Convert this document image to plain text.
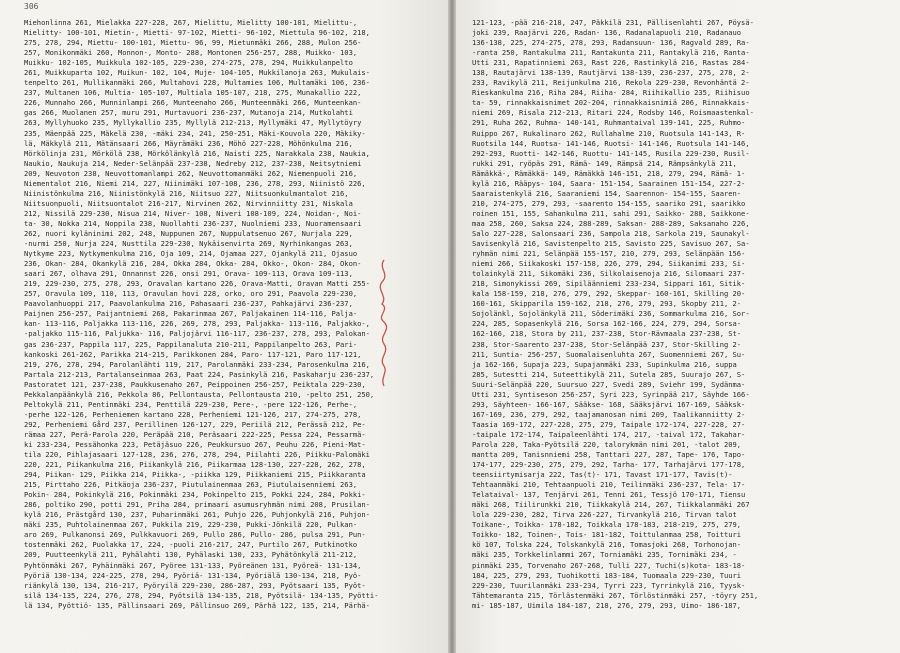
306
Miehonlinna 261, Mielakka 227-228, 267, Mielittu, Mielitty 100-101, Mielittu-,
Mielitty- 100-101, Mietin-, Mietti- 97-102, Mietti- 96-102, Miettula 96-102, 218,
275, 278, 294, Miettu- 100-101, Miettu- 96, 99, Mietunmäki 266, 288, Mulon 256-
257, Monikonmäki 260, Monnon-, Monto- 288, Montonen 256-257, 288, Muikko- 103,
Muikku- 102-105, Muikkula 102-105, 229-230, 274-275, 278, 294, Muikkulanpelto
261, Muikkuparta 102, Muikun- 102, 104, Muje- 104-105, Mukkilanoja 263, Mukulais-
tenpelto 261, Mullikanmäki 266, Multahovi 228, Multamies 106, Multamäki 106, 236-
237, Multanen 106, Multia- 105-107, Multiala 105-107, 218, 275, Munakallio 222,
226, Munnaho 266, Munninlampi 266, Munteenaho 266, Munteenmäki 266, Munteenkan-
gas 266, Muolanen 257, muru 291, Murtavuori 236-237, Mutanoja 214, Mutkolahti
263, Myllyhuoko 235, Myllykallio 235, Myllylä 212-213, Myllymäki 47, Myllytöyry
235, Mäenpää 225, Mäkelä 230, -mäki 234, 241, 250-251, Mäki-Kouvola 220, Mäkiky-
lä, Mäkkylä 211, Mätänsaari 266, Mäyrämäki 236, Möhö 227-228, Möhönkulma 216,
Mörkölinja 231, Mörkölä 238, Mörkölänkylä 216, Naisti 225, Narakkala 238, Naukia,
Naukio, Naukuja 214, Neder-Selänpää 237-238, Nedreby 212, 237-238, Neitsytniemi
209, Neuvoton 238, Neuvottomanlampi 262, Neuvottomanmäki 262, Niemenpuoli 216,
Niementalot 216, Niemi 214, 227, Niinimäki 107-108, 236, 278, 293, Niinistö 226,
Niinistönkulma 216, Niinistönkylä 216, Niitsuo 227, Niitsuonkulmantalot 216,
Niitsuonpuoli, Niitsuontalot 216-217, Nirvinen 262, Nirvinniitty 231, Niskala
212, Nissilä 229-230, Nisua 214, Niver- 108, Niveri 108-109, 224, Noidan-, Noi-
ta- 30, Nokka 214, Noppila 238, Nuollahti 236-237, Nuolniemi 233, Nuoramensaari
262, nuori kyläninimi 202, 248, Nuppunen 267, Nuppulatsenuo 267, Nurjala 229,
-nurmi 250, Nurja 224, Nusttila 229-230, Nykäisenvirta 269, Nyrhinkangas 263,
Nytkyme 223, Nytkymenkulma 216, Oja 109, 214, Ojamaa 227, Ojankylä 211, Ojasuo
236, Okan- 284, Okankylä 216, 284, Okka 284, Okka- 284, Okko-, Okon- 284, Okon-
saari 267, olhava 291, Onnannst 226, onsi 291, Orava- 109-113, Orava 109-113,
219, 229-230, 275, 278, 293, Oravalan kartano 226, Orava-Matti, Oravan Matti 255-
257, Oravula 109, 110, 113, Oravulan hovi 228, orko, oro 291, Paavola 229-230,
Paavolanhuoppi 217, Paavolankulma 216, Pahasaari 236-237, Pahkajärvi 236-237,
Paijnen 256-257, Paijantniemi 268, Pakarinmaa 267, Paljakainen 114-116, Palja-
kan- 113-116, Paljakka 113-116, 226, 269, 278, 293, Paljakka- 113-116, Paljakko-,
-paljakko 115-116, Paljukka- 116, Paljojärvi 116-117, 236-237, 278, 293, Palokan-
gas 236-237, Pappila 117, 225, Pappilanaluta 210-211, Pappilanpelto 263, Pari-
kankoski 261-262, Parikka 214-215, Parikkonen 284, Paro- 117-121, Paro 117-121,
219, 276, 278, 294, Parolanlähti 119, 217, Parolanmäki 233-234, Parosenkulma 216,
Partala 212-213, Partalanseinmaa 263, Paat 224, Pasinkylä 216, Paskaharju 236-237,
Pastoratet 121, 237-238, Paukkusenaho 267, Peippoinen 256-257, Peiktala 229-230,
Pekkalanpäänkylä 216, Pekkola 86, Pellontausta, Pellontausta 210, -pelto 251, 250,
Peltokylä 211, Pentinmäki 234, Penttilä 229-230, Pere-, -pere 122-126, Perhe-,
-perhe 122-126, Perheniemen kartano 228, Perheniemi 121-126, 217, 274-275, 278,
292, Perheniemi Gård 237, Perillinen 126-127, 229, Periilä 212, Perässä 212, Pe-
rämaa 227, Perä-Parola 220, Peräpää 210, Peräsaari 222-225, Pessa 224, Pessarmä-
ki 233-234, Pessähonka 223, Petäjäsuo 226, Peukkursuo 267, Peuhu 226, Pieni-Mat-
tila 220, Pihlajasaari 127-128, 236, 276, 278, 294, Piilahti 226, Piikku-Palomäki
220, 221, Piikankulma 216, Piikankylä 216, Piikarmaa 128-130, 227-228, 262, 278,
294, Piikan- 129, Piikka 214, Piikka-, -piikka 129, Piikkaniemi 215, Piikkaranta
215, Pirttaho 226, Pitkäoja 236-237, Piutulainenmaa 263, Piutulaisenniemi 263,
Pokin- 284, Pokinkylä 216, Pokinmäki 234, Pokinpelto 215, Pokki 224, 284, Pokki-
286, poltiko 290, potti 291, Priha 284, primaari asumusryhmän nimi 208, Prusilan-
kylä 216, Prästgård 130, 237, Puharinmäki 261, Puhjo 226, Puhjonkylä 216, Puhjon-
mäki 235, Puhtolainenmaa 267, Pukkila 219, 229-230, Pukki-Jönkilä 220, Pulkan-
aro 269, Pulkanonsi 269, Pulkkavuori 269, Pullo 286, Pullo- 286, pulsa 291, Pun-
tostenmäki 262, Puolakka 17, 224, -puoli 216-217, 247, Purtilo 267, Putkinotko
209, Puutteenkylä 211, Pyhälahti 130, Pyhälaski 130, 233, Pyhätönkylä 211-212,
Pyhtönmäki 267, Pyhäinmäki 267, Pyöree 131-133, Pyöreänen 131, Pyöreä- 131-134,
Pyöriä 130-134, 224-225, 278, 294, Pyöriä- 131-134, Pyöriälä 130-134, 218, Pyö-
riänkylä 130, 134, 216-217, Pyöryilä 229-230, 286-287, 293, Pyötsaari 135, Pyöt-
silä 134-135, 224, 276, 278, 294, Pyötsilä 134-135, 218, Pyötsilä- 134-135, Pyötti-
lä 134, Pyöttiö- 135, Pällinsaari 269, Pällinsuo 269, Pärhä 122, 135, 214, Pärhä-
121-123, -pää 216-218, 247, Päkkilä 231, Pällisenlahti 267, Pöysä-
joki 239, Raajärvi 226, Radan- 136, Radanalapuoli 210, Radanauo
136-138, 225, 274-275, 278, 293, Radansuun- 136, Ragvald 289, Ra-
-ranta 250, Rantakulma 211, Rantakunta 211, Rantakylä 216, Ranta-
Utti 231, Rapatinniemi 263, Rast 226, Rastinkylä 216, Rastas 284-
138, Rautajärvi 138-139, Rautjärvi 138-139, 236-237, 275, 278, 2-
233, Ravikylä 211, Reijunkulma 216, Rekola 229-230, Revonhäntä 2-
Rieskankulma 216, Riha 284, Riiha- 284, Riihikallio 235, Riihisuo
ta- 59, rinnakkaisnimet 202-204, rinnakkaisnimiä 206, Rinnakkais-
niemi 269, Risala 212-213, Ritari 224, Rodsby 146, Roismaastenkal-
291, Ruha 262, Ruhma- 140-141, Ruhmantaival 139-141, 225, Ruhmo-
Ruippo 267, Rukalinaro 262, Rullahalme 210, Ruotsula 141-143, R-
Ruotsila 144, Ruotsa- 141-146, Ruotsi- 141-146, Ruotsula 141-146,
292-293, Ruotti- 142-146, Ruottu- 141-145, Rusila 229-230, Rusil-
rukki 291, ryöpäs 291, Rämä- 149, Rämpsä 214, Rämpsänkylä 211,
Rämäkkä-, Rämäkkä- 149, Rämäkkä 146-151, 218, 279, 294, Rämä- 1-
kylä 216, Rääpys- 104, Saara- 151-154, Saarainen 151-154, 227-2-
Saaraistenkylä 216, Saaraniemi 154, Saarennon- 154-155, Saaren-
210, 274-275, 279, 293, -saarento 154-155, saariko 291, saarikko
roinen 151, 155, Sahankulma 211, sahi 291, Saikko- 288, Saikkone-
maa 258, 260, Saksa 224, 288-289, Saksan- 288-289, Saksanaho 226,
Salo 227-228, Salonsaari 236, Sampola 218, Sarkola 219, Saunakyl-
Savisenkylä 216, Savistenpelto 215, Savisto 225, Savisuo 267, Sa-
ryhmän nimi 221, Selänpää 155-157, 210, 279, 293, Selänpään 156-
niemi 266, Siikakoski 157-158, 226, 279, 294, Siikanimi 233, Si-
tolainkylä 211, Sikomäki 236, Silkolaisenoja 216, Silomaari 237-
218, Simonykissi 269, Sipiläänniemi 233-234, Sippari 161, Sitik-
kala 158-159, 218, 276, 279, 292, Skeppar- 160-161, Skilling 20-
160-161, Skipparila 159-162, 218, 276, 279, 293, Skopby 211, 2-
Sojolänkl, Sojolänkylä 211, Söderimäki 236, Sommarkulma 216, Sor-
224, 285, Sopasenkylä 216, Sorsa 162-166, 224, 279, 294, Sorsa-
162-166, 218, Stora by 211, 237-238, Stor-Rävmaala 237-238, St-
238, Stor-Saarento 237-238, Stor-Selänpää 237, Stor-Skilling 2-
211, Suntia- 256-257, Suomalaisenluhta 267, Suomenniemi 267, Su-
ja 162-166, Supaja 223, Supajanmäki 233, Supinkulma 216, suppa
285, Sutestti 214, Suteettikylä 211, Sutela 285, Suurajo 267, S-
Suuri-Selänpää 220, Suursuo 227, Svedi 289, Sviehr 199, Sydänma-
Utti 231, Syntiseson 256-257, Syri 223, Syrinpää 217, Säyhde 166-
293, Säyhteen- 166-167, Sääkse- 168, Sääksjärvi 167-169, Sääksk-
167-169, 236, 279, 292, taajamanosan nimi 209, Taalikanniitty 2-
Taasia 169-172, 227-228, 275, 279, Taipale 172-174, 227-228, 27-
-taipale 172-174, Taipaleenlähti 174, 217, -taival 172, Takahar-
Parola 220, Taka-Pyötsilä 220, talorykmän nimi 201, -talot 209,
mantta 209, Tanisnniemi 258, Tanttari 227, 287, Tape- 176, Tapo-
174-177, 229-230, 275, 279, 292, Tarha- 177, Tarhajärvi 177-178,
teensiirtymisarja 222, Tas(t)- 171, Tavast 171-177, Tavis(t)-
Tehtaanmäki 210, Tehtaanpuoli 210, Teilinmäki 236-237, Tela- 17-
Telataival- 137, Tenjärvi 261, Tenni 261, Tessjö 170-171, Tiensu
mäki 268, Tiilirunkki 210, Tiikkakylä 214, 267, Tiikkalanmäki 267
lola 229-230, 282, Tirva 226-227, Tirvankylä 216, Tirvan talot
Toikane-, Toikka- 178-182, Toikkala 178-183, 218-219, 275, 279,
Toikko- 182, Toinen-, Tois- 181-182, Toittulanmaa 258, Toitturi
kö 107, Tolska 224, Tolskankylä 216, Tomasjoki 268, Torhonojan-
mäki 235, Torkkelinlammi 267, Torniamäki 235, Tornimäki 234, -
pinmäki 235, Torvenaho 267-268, Tulli 227, Tuchi(s)kota- 183-18-
184, 225, 279, 293, Tuohikotti 183-184, Tuomaala 229-230, Tuuri
229-230, Tuurilanmäki 233-234, Tyrri 223, Tyrrinkylä 216, Tyysk-
Tähtemaranta 215, Törlästenmäki 267, Törlöstinmäki 257, -töyry 251,
mi- 185-187, Uimila 184-187, 218, 276, 279, 293, Uimo- 186-187,
